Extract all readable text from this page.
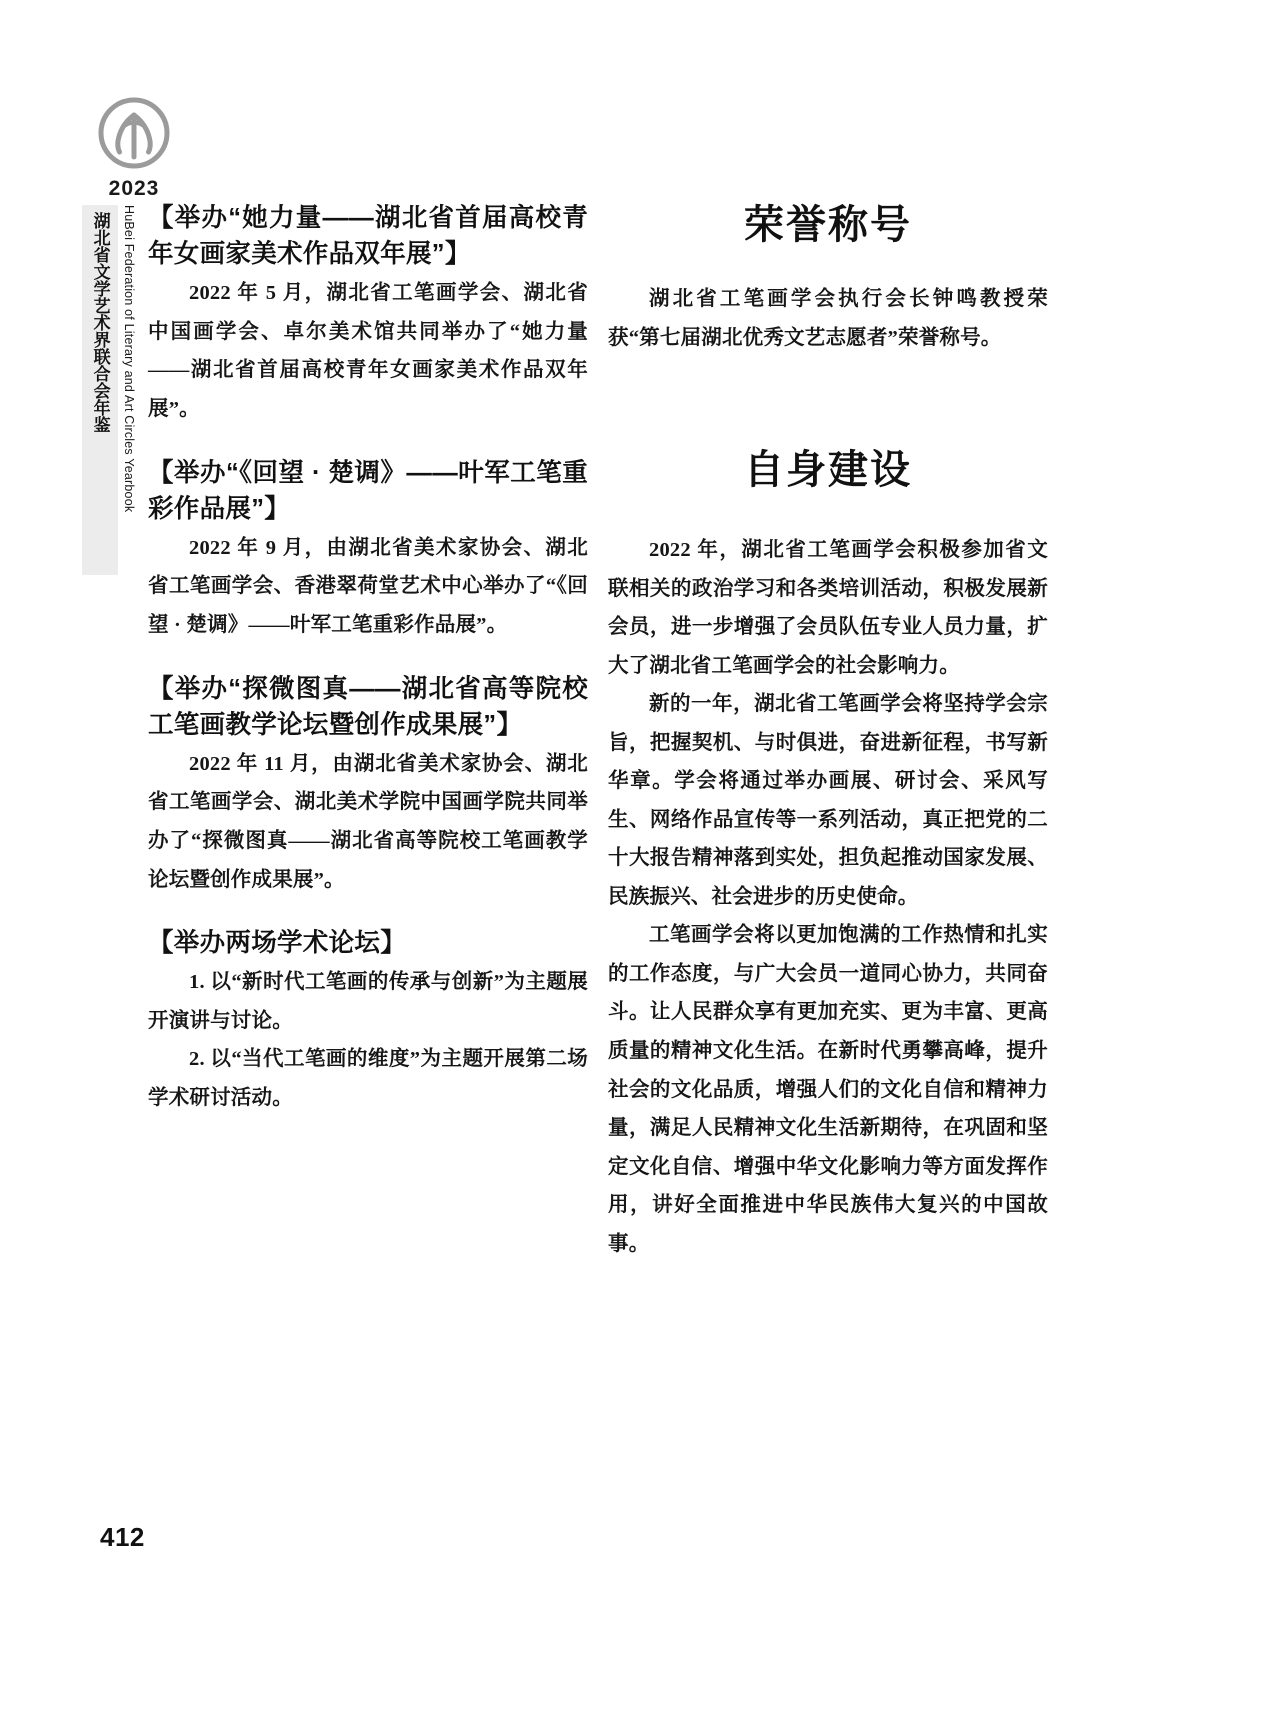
2023
湖北省文学艺术界联合会年鉴 HuBei Federation of Literary and Art Circles Yearbook 【举办“她力量——湖北省首届高校青年女画家美术作品双年展”】

2022 年 5 月，湖北省工笔画学会、湖北省中国画学会、卓尔美术馆共同举办了“她力量——湖北省首届高校青年女画家美术作品双年展”。

【举办“《回望 · 楚调》——叶军工笔重彩作品展”】

2022 年 9 月，由湖北省美术家协会、湖北省工笔画学会、香港翠荷堂艺术中心举办了“《回望 · 楚调》——叶军工笔重彩作品展”。

【举办“探微图真——湖北省高等院校工笔画教学论坛暨创作成果展”】

2022 年 11 月，由湖北省美术家协会、湖北省工笔画学会、湖北美术学院中国画学院共同举办了“探微图真——湖北省高等院校工笔画教学论坛暨创作成果展”。

【举办两场学术论坛】

1. 以“新时代工笔画的传承与创新”为主题展开演讲与讨论。

2. 以“当代工笔画的维度”为主题开展第二场学术研讨活动。

荣誉称号

湖北省工笔画学会执行会长钟鸣教授荣获“第七届湖北优秀文艺志愿者”荣誉称号。

自身建设

2022 年，湖北省工笔画学会积极参加省文联相关的政治学习和各类培训活动，积极发展新会员，进一步增强了会员队伍专业人员力量，扩大了湖北省工笔画学会的社会影响力。

新的一年，湖北省工笔画学会将坚持学会宗旨，把握契机、与时俱进，奋进新征程，书写新华章。学会将通过举办画展、研讨会、采风写生、网络作品宣传等一系列活动，真正把党的二十大报告精神落到实处，担负起推动国家发展、民族振兴、社会进步的历史使命。

工笔画学会将以更加饱满的工作热情和扎实的工作态度，与广大会员一道同心协力，共同奋斗。让人民群众享有更加充实、更为丰富、更高质量的精神文化生活。在新时代勇攀高峰，提升社会的文化品质，增强人们的文化自信和精神力量，满足人民精神文化生活新期待，在巩固和坚定文化自信、增强中华文化影响力等方面发挥作用，讲好全面推进中华民族伟大复兴的中国故事。

412
